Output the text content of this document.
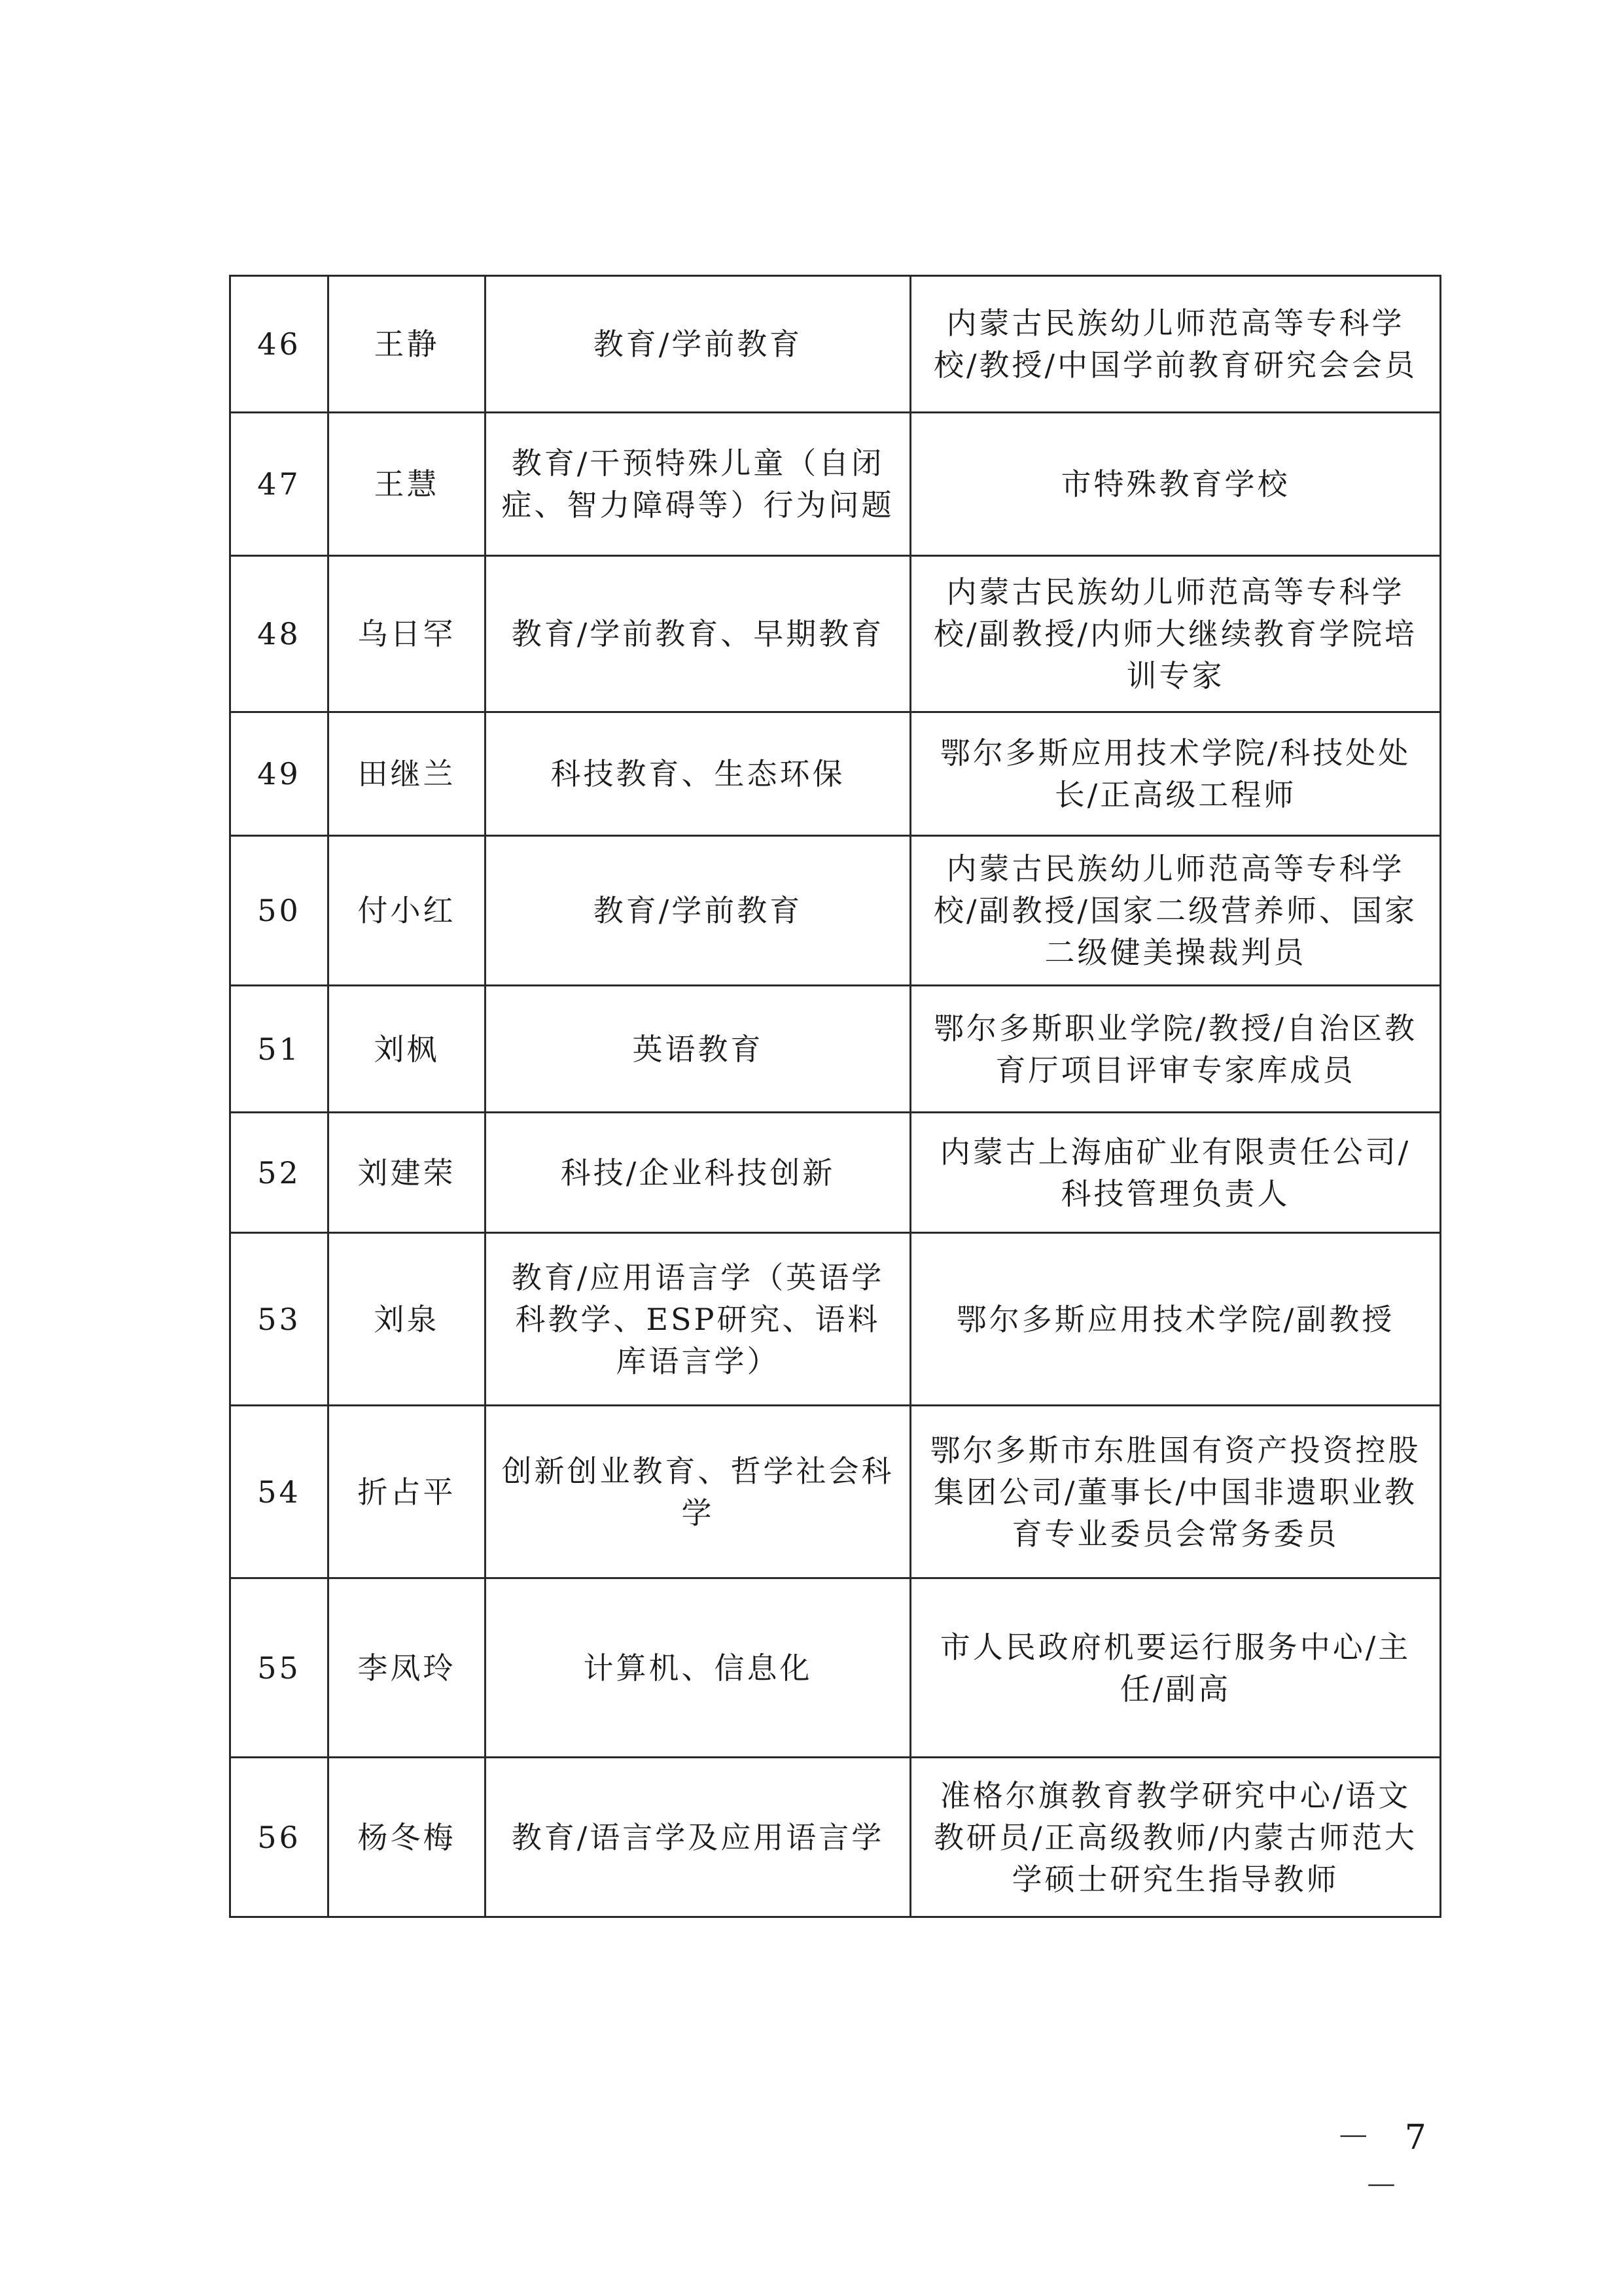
46	王静	教育/学前教育	内蒙古民族幼儿师范高等专科学校/教授/中国学前教育研究会会员
47	王慧	教育/干预特殊儿童（自闭症、智力障碍等）行为问题	市特殊教育学校
48	乌日罕	教育/学前教育、早期教育	内蒙古民族幼儿师范高等专科学校/副教授/内师大继续教育学院培训专家
49	田继兰	科技教育、生态环保	鄂尔多斯应用技术学院/科技处处长/正高级工程师
50	付小红	教育/学前教育	内蒙古民族幼儿师范高等专科学校/副教授/国家二级营养师、国家二级健美操裁判员
51	刘枫	英语教育	鄂尔多斯职业学院/教授/自治区教育厅项目评审专家库成员
52	刘建荣	科技/企业科技创新	内蒙古上海庙矿业有限责任公司/科技管理负责人
53	刘泉	教育/应用语言学（英语学科教学、ESP研究、语料库语言学）	鄂尔多斯应用技术学院/副教授
54	折占平	创新创业教育、哲学社会科学	鄂尔多斯市东胜国有资产投资控股集团公司/董事长/中国非遗职业教育专业委员会常务委员
55	李凤玲	计算机、信息化	市人民政府机要运行服务中心/主任/副高
56	杨冬梅	教育/语言学及应用语言学	准格尔旗教育教学研究中心/语文教研员/正高级教师/内蒙古师范大学硕士研究生指导教师
－ 7 －
